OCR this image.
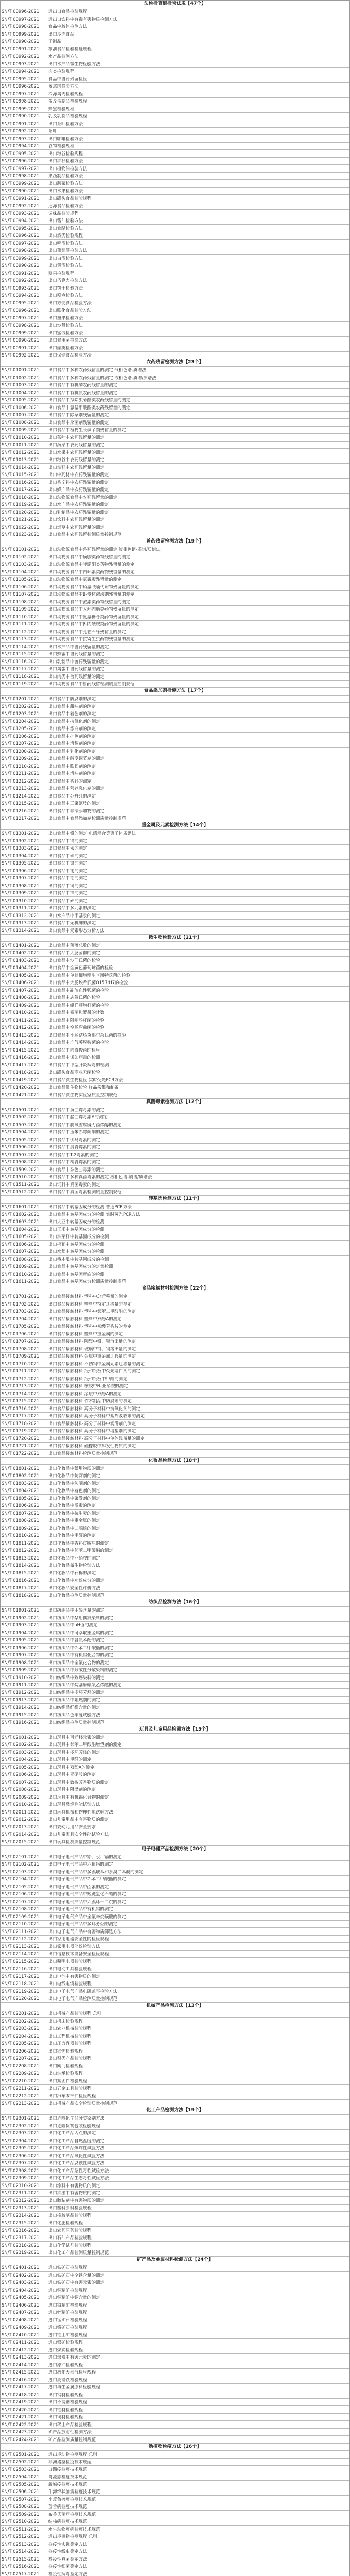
法检检查道检验法规【47个】
SN/T 00996-2021	进出口食品检验规程
SN/T 00997-2021	进出口饮料中有毒有害物质检测方法
SN/T 00998-2021	食品中胶体检测方法
SN/T 00999-2021	出口冷冻食品
SN/T 00990-2021	干制品
SN/T 00991-2021	粮油食品检验检疫规程
SN/T 00992-2021	水产品检测方法
SN/T 00993-2021	出口水产品微生物检验方法
SN/T 00994-2021	肉类检验规程
SN/T 00995-2021	食品中兽药残留检验
SN/T 00996-2021	畜禽肉检验方法
SN/T 00997-2021	冷冻禽肉检验规程
SN/T 00998-2021	蛋及蛋制品检验规程
SN/T 00999-2021	蜂蜜检验规程
SN/T 00990-2021	乳及乳制品检验规程
SN/T 00991-2021	出口茶叶检验方法
SN/T 00992-2021	茶叶
SN/T 00993-2021	出口咖啡检验方法
SN/T 00994-2021	谷物检验规程
SN/T 00995-2021	出口粮谷检验规程
SN/T 00996-2021	出口油籽检验方法
SN/T 00997-2021	出口植物油检验方法
SN/T 00998-2021	果蔬制品检验方法
SN/T 00999-2021	出口蔬菜检验方法
SN/T 00990-2021	出口水果检验方法
SN/T 00991-2021	出口罐头食品检验规程
SN/T 00992-2021	速冻食品检验方法
SN/T 00993-2021	调味品检验规程
SN/T 00994-2021	出口酱油检验方法
SN/T 00995-2021	出口食醋检验方法
SN/T 00996-2021	出口酒类检验规程
SN/T 00997-2021	出口啤酒检验方法
SN/T 00998-2021	出口葡萄酒检验方法
SN/T 00999-2021	出口白酒检验方法
SN/T 00990-2021	出口黄酒检验方法
SN/T 00991-2021	糖果检验规程
SN/T 00992-2021	出口巧克力检验方法
SN/T 00993-2021	出口饼干检验方法
SN/T 00994-2021	出口糕点检验方法
SN/T 00995-2021	出口方便食品检验方法
SN/T 00996-2021	出口膨化食品检验方法
SN/T 00997-2021	出口坚果检验方法
SN/T 00998-2021	出口炒货检验方法
SN/T 00999-2021	出口蜜饯检验方法
SN/T 00990-2021	出口食用菌检验方法
SN/T 00991-2021	出口藻类检验方法
SN/T 00992-2021	出口保健食品检验方法
农药残留检测方法【23个】
SN/T 01001-2021	出口食品中多种农药残留量的测定 气相色谱-质谱法
SN/T 01002-2021	出口食品中多种农药残留量的测定 液相色谱-质谱/质谱法
SN/T 01003-2021	出口食品中有机磷农药残留量的测定
SN/T 01004-2021	出口食品中有机氯农药残留量的测定
SN/T 01005-2021	出口食品中拟除虫菊酯类农药残留量的测定
SN/T 01006-2021	出口食品中氨基甲酸酯类农药残留量的测定
SN/T 01007-2021	出口食品中除草剂残留量的测定
SN/T 01008-2021	出口食品中杀菌剂残留量的测定
SN/T 01009-2021	出口食品中植物生长调节剂残留量的测定
SN/T 01010-2021	出口茶叶中农药残留量的测定
SN/T 01011-2021	出口蔬菜中农药残留量的测定
SN/T 01012-2021	出口水果中农药残留量的测定
SN/T 01013-2021	出口粮谷中农药残留量的测定
SN/T 01014-2021	出口油籽中农药残留量的测定
SN/T 01015-2021	出口中药材中农药残留量的测定
SN/T 01016-2021	出口香辛料中农药残留量的测定
SN/T 01017-2021	出口蜂产品中农药残留量的测定
SN/T 01018-2021	出口动物源食品中农药残留量的测定
SN/T 01019-2021	出口水产品中农药残留量的测定
SN/T 01020-2021	出口乳制品中农药残留量的测定
SN/T 01021-2021	出口饮料中农药残留量的测定
SN/T 01022-2021	出口烟草中农药残留量的测定
SN/T 01023-2021	出口食品中农药残留检测质量控制规范
兽药残留检测方法【19个】
SN/T 01101-2021	出口动物源食品中兽药残留量的测定 液相色谱-质谱/质谱法
SN/T 01102-2021	出口动物源食品中磺胺类药物残留量的测定
SN/T 01103-2021	出口动物源食品中喹诺酮类药物残留量的测定
SN/T 01104-2021	出口动物源食品中四环素类药物残留量的测定
SN/T 01105-2021	出口动物源食品中氯霉素残留量的测定
SN/T 01106-2021	出口动物源食品中硝基呋喃代谢物残留量的测定
SN/T 01107-2021	出口动物源食品中β-受体激动剂残留量的测定
SN/T 01108-2021	出口动物源食品中激素类药物残留量的测定
SN/T 01109-2021	出口动物源食品中大环内酯类药物残留量的测定
SN/T 01110-2021	出口动物源食品中氨基糖苷类药物残留量的测定
SN/T 01111-2021	出口动物源食品中β-内酰胺类药物残留量的测定
SN/T 01112-2021	出口动物源食品中孔雀石绿残留量的测定
SN/T 01113-2021	出口动物源食品中抗寄生虫药物残留量的测定
SN/T 01114-2021	出口水产品中兽药残留量的测定
SN/T 01115-2021	出口蜂蜜中兽药残留量的测定
SN/T 01116-2021	出口乳制品中兽药残留量的测定
SN/T 01117-2021	出口禽蛋中兽药残留量的测定
SN/T 01118-2021	出口肉类中兽药残留量的测定
SN/T 01119-2021	出口动物源食品中兽药残留检测质量控制规范
食品添加剂检测方法【17个】
SN/T 01201-2021	出口食品中防腐剂的测定
SN/T 01202-2021	出口食品中甜味剂的测定
SN/T 01203-2021	出口食品中着色剂的测定
SN/T 01204-2021	出口食品中抗氧化剂的测定
SN/T 01205-2021	出口食品中漂白剂的测定
SN/T 01206-2021	出口食品中护色剂的测定
SN/T 01207-2021	出口食品中增稠剂的测定
SN/T 01208-2021	出口食品中乳化剂的测定
SN/T 01209-2021	出口食品中酸度调节剂的测定
SN/T 01210-2021	出口食品中膨松剂的测定
SN/T 01211-2021	出口食品中增味剂的测定
SN/T 01212-2021	出口食品中香料的测定
SN/T 01213-2021	出口食品中营养强化剂的测定
SN/T 01214-2021	出口食品中苏丹红的测定
SN/T 01215-2021	出口食品中三聚氰胺的测定
SN/T 01216-2021	出口食品中非法添加物的测定
SN/T 01217-2021	出口食品中食品添加剂检测质量控制规范
重金属及元素检测方法【14个】
SN/T 01301-2021	出口食品中铅的测定 电感耦合等离子体质谱法
SN/T 01302-2021	出口食品中镉的测定
SN/T 01303-2021	出口食品中汞的测定
SN/T 01304-2021	出口食品中砷的测定
SN/T 01305-2021	出口食品中铬的测定
SN/T 01306-2021	出口食品中锡的测定
SN/T 01307-2021	出口食品中铝的测定
SN/T 01308-2021	出口食品中铜的测定
SN/T 01309-2021	出口食品中锌的测定
SN/T 01310-2021	出口食品中硒的测定
SN/T 01311-2021	出口食品中多元素的测定
SN/T 01312-2021	出口水产品中甲基汞的测定
SN/T 01313-2021	出口食品中无机砷的测定
SN/T 01314-2021	出口食品中元素形态分析方法
微生物检验方法【21个】
SN/T 01401-2021	出口食品中菌落总数的测定
SN/T 01402-2021	出口食品中大肠菌群的测定
SN/T 01403-2021	出口食品中沙门氏菌的检验
SN/T 01404-2021	出口食品中金黄色葡萄球菌的检验
SN/T 01405-2021	出口食品中单核细胞增生李斯特氏菌的检验
SN/T 01406-2021	出口食品中大肠埃希氏菌O157:H7的检验
SN/T 01407-2021	出口食品中副溶血性弧菌的检验
SN/T 01408-2021	出口食品中志贺氏菌的检验
SN/T 01409-2021	出口食品中蜡样芽胞杆菌的检验
SN/T 01410-2021	出口食品中霉菌和酵母的计数
SN/T 01411-2021	出口食品中阪崎肠杆菌的检验
SN/T 01412-2021	出口食品中空肠弯曲菌的检验
SN/T 01413-2021	出口食品中小肠结肠炎耶尔森氏菌的检验
SN/T 01414-2021	出口食品中产气荚膜梭菌的检验
SN/T 01415-2021	出口食品中肉毒梭菌的检验
SN/T 01416-2021	出口食品中诺如病毒的检测
SN/T 01417-2021	出口食品中甲型肝炎病毒的检测
SN/T 01418-2021	出口罐头食品商业无菌检验
SN/T 01419-2021	出口食品微生物检验 实时荧光PCR方法
SN/T 01420-2021	出口食品微生物检验 样品采集和制备
SN/T 01421-2021	出口食品微生物实验室质量控制规范
真菌毒素检测方法【12个】
SN/T 01501-2021	出口食品中黄曲霉毒素的测定
SN/T 01502-2021	出口食品中赭曲霉毒素A的测定
SN/T 01503-2021	出口食品中脱氧雪腐镰刀菌烯醇的测定
SN/T 01504-2021	出口食品中玉米赤霉烯酮的测定
SN/T 01505-2021	出口食品中伏马毒素的测定
SN/T 01506-2021	出口食品中展青霉素的测定
SN/T 01507-2021	出口食品中T-2毒素的测定
SN/T 01508-2021	出口食品中橘青霉素的测定
SN/T 01509-2021	出口食品中杂色曲霉素的测定
SN/T 01510-2021	出口食品中多种真菌毒素的测定 液相色谱-质谱/质谱法
SN/T 01511-2021	出口饲料中真菌毒素的测定
SN/T 01512-2021	出口食品中真菌毒素检测质量控制规范
转基因检测方法【11个】
SN/T 01601-2021	出口食品中转基因成分的检测 普通PCR方法
SN/T 01602-2021	出口食品中转基因成分的检测 实时荧光PCR方法
SN/T 01603-2021	出口大豆中转基因成分的检测
SN/T 01604-2021	出口玉米中转基因成分的检测
SN/T 01605-2021	出口油菜籽中转基因成分的检测
SN/T 01606-2021	出口棉花中转基因成分的检测
SN/T 01607-2021	出口水稻中转基因成分的检测
SN/T 01608-2021	出口番木瓜中转基因成分的检测
SN/T 01609-2021	出口食品中转基因成分的定量检测
SN/T 01610-2021	出口食品中转基因蛋白的检测
SN/T 01611-2021	出口食品中转基因成分检测质量控制规范
食品接触材料检测方法【22个】
SN/T 01701-2021	出口食品接触材料 塑料中总迁移量的测定
SN/T 01702-2021	出口食品接触材料 塑料中特定迁移量的测定
SN/T 01703-2021	出口食品接触材料 塑料中邻苯二甲酸酯的测定
SN/T 01704-2021	出口食品接触材料 塑料中双酚A的测定
SN/T 01705-2021	出口食品接触材料 塑料中初级芳香胺的测定
SN/T 01706-2021	出口食品接触材料 塑料中重金属的测定
SN/T 01707-2021	出口食品接触材料 陶瓷中铅、镉溶出量的测定
SN/T 01708-2021	出口食品接触材料 玻璃中铅、镉溶出量的测定
SN/T 01709-2021	出口食品接触材料 金属中重金属迁移量的测定
SN/T 01710-2021	出口食品接触材料 不锈钢中金属元素迁移量的测定
SN/T 01711-2021	出口食品接触材料 纸和纸板中荧光增白剂的测定
SN/T 01712-2021	出口食品接触材料 纸和纸板中甲醛的测定
SN/T 01713-2021	出口食品接触材料 橡胶中N-亚硝胺的测定
SN/T 01714-2021	出口食品接触材料 涂层中双酚A的测定
SN/T 01715-2021	出口食品接触材料 竹木制品中防腐剂的测定
SN/T 01716-2021	出口食品接触材料 高分子材料中抗氧化剂的测定
SN/T 01717-2021	出口食品接触材料 高分子材料中紫外吸收剂的测定
SN/T 01718-2021	出口食品接触材料 高分子材料中润滑剂的测定
SN/T 01719-2021	出口食品接触材料 高分子材料中增塑剂的测定
SN/T 01720-2021	出口食品接触材料 高分子材料中单体残留量的测定
SN/T 01721-2021	出口食品接触材料 硅橡胶中挥发性物质的测定
SN/T 01722-2021	出口食品接触材料检测质量控制规范
化妆品检测方法【18个】
SN/T 01801-2021	出口化妆品中禁用物质的测定
SN/T 01802-2021	出口化妆品中防腐剂的测定
SN/T 01803-2021	出口化妆品中防晒剂的测定
SN/T 01804-2021	出口化妆品中着色剂的测定
SN/T 01805-2021	出口化妆品中染发剂的测定
SN/T 01806-2021	出口化妆品中激素的测定
SN/T 01807-2021	出口化妆品中抗生素的测定
SN/T 01808-2021	出口化妆品中重金属的测定
SN/T 01809-2021	出口化妆品中二噁烷的测定
SN/T 01810-2021	出口化妆品中甲醛的测定
SN/T 01811-2021	出口化妆品中香料过敏原的测定
SN/T 01812-2021	出口化妆品中邻苯二甲酸酯的测定
SN/T 01813-2021	出口化妆品中亚硝胺的测定
SN/T 01814-2021	出口化妆品微生物检验方法
SN/T 01815-2021	出口化妆品中石棉的测定
SN/T 01816-2021	出口化妆品中功效成分的测定
SN/T 01817-2021	出口化妆品安全性评价方法
SN/T 01818-2021	出口化妆品检测质量控制规范
纺织品检测方法【16个】
SN/T 01901-2021	出口纺织品中甲醛含量的测定
SN/T 01902-2021	出口纺织品中禁用偶氮染料的测定
SN/T 01903-2021	出口纺织品中pH值的测定
SN/T 01904-2021	出口纺织品中可萃取重金属的测定
SN/T 01905-2021	出口纺织品中含氯苯酚的测定
SN/T 01906-2021	出口纺织品中邻苯二甲酸酯的测定
SN/T 01907-2021	出口纺织品中有机锡化合物的测定
SN/T 01908-2021	出口纺织品中全氟化合物的测定
SN/T 01909-2021	出口纺织品中致敏性分散染料的测定
SN/T 01910-2021	出口纺织品中致癌染料的测定
SN/T 01911-2021	出口纺织品中烷基酚聚氧乙烯醚的测定
SN/T 01912-2021	出口纺织品中多环芳烃的测定
SN/T 01913-2021	出口纺织品中阻燃剂的测定
SN/T 01914-2021	出口纺织品纤维含量的测定
SN/T 01915-2021	出口纺织品色牢度试验方法
SN/T 01916-2021	出口纺织品检测质量控制规范
玩具及儿童用品检测方法【15个】
SN/T 02001-2021	出口玩具中可迁移元素的测定
SN/T 02002-2021	出口玩具中邻苯二甲酸酯增塑剂的测定
SN/T 02003-2021	出口玩具中多环芳烃的测定
SN/T 02004-2021	出口玩具中甲醛的测定
SN/T 02005-2021	出口玩具中双酚A的测定
SN/T 02006-2021	出口玩具中亚硝胺的测定
SN/T 02007-2021	出口玩具中致敏芳香物质的测定
SN/T 02008-2021	出口玩具中阻燃剂的测定
SN/T 02009-2021	出口玩具中有机锡化合物的测定
SN/T 02010-2021	出口玩具燃烧性能试验方法
SN/T 02011-2021	出口玩具机械和物理性能试验方法
SN/T 02012-2021	出口儿童用品中有害物质的测定
SN/T 02013-2021	出口婴幼儿用品安全要求
SN/T 02014-2021	出口儿童家具安全性能试验方法
SN/T 02015-2021	出口玩具检测质量控制规范
电子电器产品检测方法【20个】
SN/T 02101-2021	出口电子电气产品中铅、汞、镉的测定
SN/T 02102-2021	出口电子电气产品中六价铬的测定
SN/T 02103-2021	出口电子电气产品中多溴联苯和多溴二苯醚的测定
SN/T 02104-2021	出口电子电气产品中邻苯二甲酸酯的测定
SN/T 02105-2021	出口电子电气产品中卤素的测定
SN/T 02106-2021	出口电子电气产品中短链氯化石蜡的测定
SN/T 02107-2021	出口电子电气产品中六溴环十二烷的测定
SN/T 02108-2021	出口电子电气产品中有机锡的测定
SN/T 02109-2021	出口电子电气产品中全氟辛烷磺酸的测定
SN/T 02110-2021	出口电子电气产品中多环芳烃的测定
SN/T 02111-2021	出口电子电气产品中有害物质筛选方法
SN/T 02112-2021	出口家用电器安全性能检验规程
SN/T 02113-2021	出口家用电器能效检验方法
SN/T 02114-2021	出口信息技术设备安全检验规程
SN/T 02115-2021	出口照明电器检验规程
SN/T 02116-2021	出口电动工具检验规程
SN/T 02117-2021	出口电池中有害物质的测定
SN/T 02118-2021	出口电线电缆检验规程
SN/T 02119-2021	出口电子电气产品电磁兼容检验方法
SN/T 02120-2021	出口电子电气产品检测质量控制规范
机械产品检测方法【13个】
SN/T 02201-2021	出口机械产品检验规程 总则
SN/T 02202-2021	出口机床检验规程
SN/T 02203-2021	出口农业机械检验规程
SN/T 02204-2021	出口工程机械检验规程
SN/T 02205-2021	出口压力容器检验规程
SN/T 02206-2021	出口锅炉检验规程
SN/T 02207-2021	出口泵类产品检验规程
SN/T 02208-2021	出口阀门检验规程
SN/T 02209-2021	出口轴承检验规程
SN/T 02210-2021	出口紧固件检验规程
SN/T 02211-2021	出口五金工具检验规程
SN/T 02212-2021	出口汽车零部件检验规程
SN/T 02213-2021	出口机械产品安全检验质量控制规范
化工产品检测方法【19个】
SN/T 02301-2021	出口危险化学品分类鉴别方法
SN/T 02302-2021	出口危险货物包装检验规程
SN/T 02303-2021	出口化工产品闪点的测定
SN/T 02304-2021	出口化工产品自燃温度的测定
SN/T 02305-2021	出口化工产品爆炸性试验方法
SN/T 02306-2021	出口化工产品氧化性试验方法
SN/T 02307-2021	出口化工产品腐蚀性试验方法
SN/T 02308-2021	出口化工产品急性毒性试验方法
SN/T 02309-2021	出口化工产品生态毒性试验方法
SN/T 02310-2021	出口涂料中有害物质的测定
SN/T 02311-2021	出口油墨中有害物质的测定
SN/T 02312-2021	出口胶粘剂中有害物质的测定
SN/T 02313-2021	出口塑料原料检验规程
SN/T 02314-2021	出口橡胶制品检验规程
SN/T 02315-2021	出口化肥检验规程
SN/T 02316-2021	出口农药原药检验规程
SN/T 02317-2021	出口石油产品检验规程
SN/T 02318-2021	出口化学试剂检验规程
SN/T 02319-2021	出口化工产品检测质量控制规范
矿产品及金属材料检测方法【24个】
SN/T 02401-2021	进口铁矿石检验规程
SN/T 02402-2021	进口铁矿石中全铁含量的测定
SN/T 02403-2021	进口铁矿石中有害元素的测定
SN/T 02404-2021	进口铜精矿检验规程
SN/T 02405-2021	进口铜精矿中铜含量的测定
SN/T 02406-2021	进口铅精矿检验规程
SN/T 02407-2021	进口锌精矿检验规程
SN/T 02408-2021	进口锰矿石检验规程
SN/T 02409-2021	进口铬矿石检验规程
SN/T 02410-2021	进口铝土矿检验规程
SN/T 02411-2021	进口镍矿检验规程
SN/T 02412-2021	进口煤炭检验规程
SN/T 02413-2021	进口煤炭中有害元素的测定
SN/T 02414-2021	进口原油检验规程
SN/T 02415-2021	进口液化天然气检验规程
SN/T 02416-2021	进口废钢铁检验规程
SN/T 02417-2021	进口再生金属原料检验规程
SN/T 02418-2021	出口钢材检验规程
SN/T 02419-2021	出口不锈钢检验规程
SN/T 02420-2021	出口铝材检验规程
SN/T 02421-2021	出口铜材检验规程
SN/T 02422-2021	出口稀土产品检验规程
SN/T 02423-2021	矿产品放射性检测方法
SN/T 02424-2021	矿产品检测质量控制规范
动植物检疫方法【26个】
SN/T 02501-2021	进出境动物检疫规程 总则
SN/T 02502-2021	非洲猪瘟检疫技术规范
SN/T 02503-2021	口蹄疫检疫技术规范
SN/T 02504-2021	禽流感检疫技术规范
SN/T 02505-2021	新城疫检疫技术规范
SN/T 02506-2021	牛海绵状脑病检疫技术规范
SN/T 02507-2021	小反刍兽疫检疫技术规范
SN/T 02508-2021	蓝舌病检疫技术规范
SN/T 02509-2021	布鲁氏菌病检疫技术规范
SN/T 02510-2021	结核病检疫技术规范
SN/T 02511-2021	水生动物疫病检疫技术规范
SN/T 02512-2021	进出境植物检疫规程 总则
SN/T 02513-2021	检疫性实蝇鉴定方法
SN/T 02514-2021	检疫性线虫鉴定方法
SN/T 02515-2021	检疫性真菌鉴定方法
SN/T 02516-2021	检疫性细菌鉴定方法
SN/T 02517-2021	检疫性病毒鉴定方法
